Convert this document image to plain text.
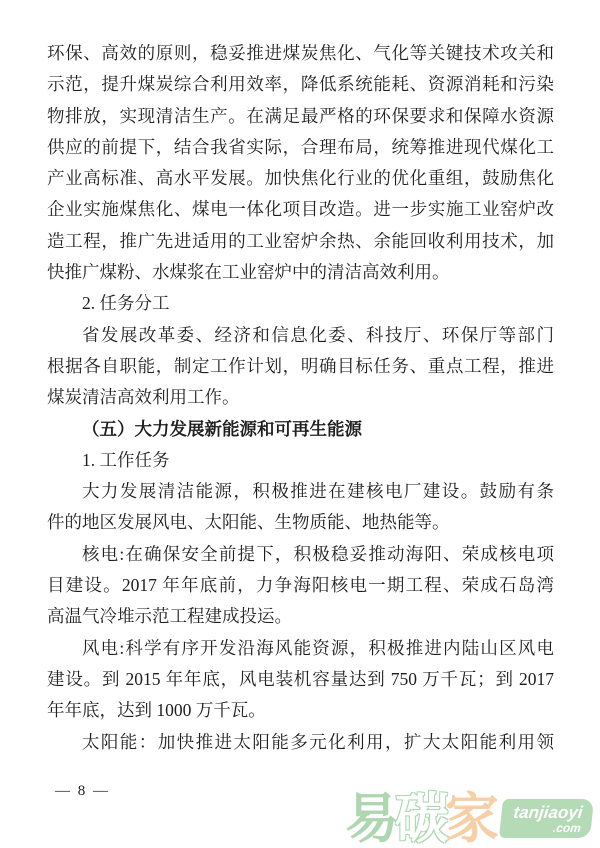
环保、高效的原则，稳妥推进煤炭焦化、气化等关键技术攻关和
示范，提升煤炭综合利用效率，降低系统能耗、资源消耗和污染
物排放，实现清洁生产。在满足最严格的环保要求和保障水资源
供应的前提下，结合我省实际，合理布局，统筹推进现代煤化工
产业高标准、高水平发展。加快焦化行业的优化重组，鼓励焦化
企业实施煤焦化、煤电一体化项目改造。进一步实施工业窑炉改
造工程，推广先进适用的工业窑炉余热、余能回收利用技术，加
快推广煤粉、水煤浆在工业窑炉中的清洁高效利用。
2. 任务分工
省发展改革委、经济和信息化委、科技厅、环保厅等部门
根据各自职能，制定工作计划，明确目标任务、重点工程，推进
煤炭清洁高效利用工作。
（五）大力发展新能源和可再生能源
1. 工作任务
大力发展清洁能源，积极推进在建核电厂建设。鼓励有条
件的地区发展风电、太阳能、生物质能、地热能等。
核电:在确保安全前提下，积极稳妥推动海阳、荣成核电项
目建设。2017 年年底前，力争海阳核电一期工程、荣成石岛湾
高温气冷堆示范工程建成投运。
风电:科学有序开发沿海风能资源，积极推进内陆山区风电
建设。到 2015 年年底，风电装机容量达到 750 万千瓦；到 2017
年年底，达到 1000 万千瓦。
太阳能：加快推进太阳能多元化利用，扩大太阳能利用领
— 8 —	易 碳 家 tanjiaoyi
.com
